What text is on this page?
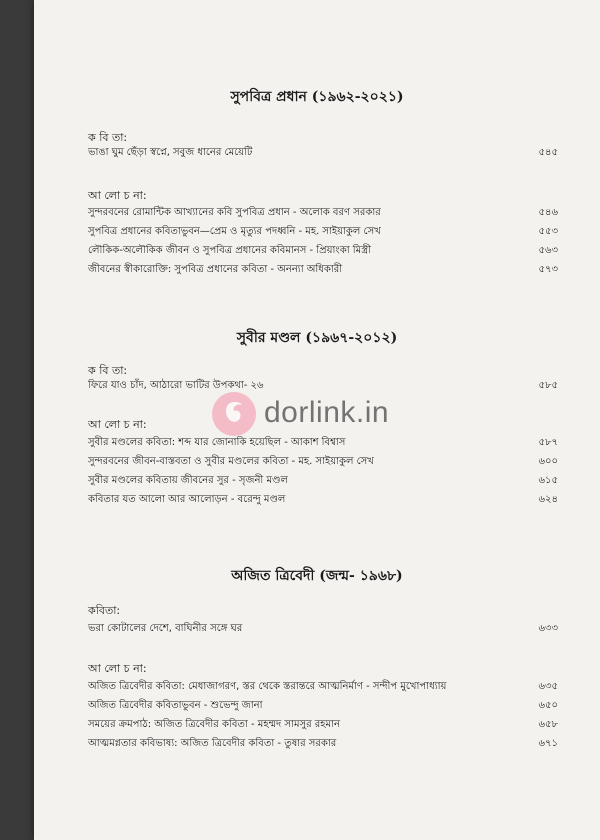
সুপবিত্র প্রধান (১৯৬২-২০২১)
ক বি তা:
ভাঙা ঘুম ছেঁড়া স্বপ্নে, সবুজ ধানের মেয়েটি	৫৪৫
আ লো চ না:
সুন্দরবনের রোমান্টিক আখ্যানের কবি সুপবিত্র প্রধান - অলোক বরণ সরকার	৫৪৬
সুপবিত্র প্রধানের কবিতাভুবন—প্রেম ও মৃত্যুর পদধ্বনি - মহ. সাইয়াকুল সেখ	৫৫৩
লৌকিক-অলৌকিক জীবন ও সুপবিত্র প্রধানের কবিমানস - প্রিয়াংকা মিস্ত্রী	৫৬৩
জীবনের স্বীকারোক্তি: সুপবিত্র প্রধানের কবিতা - অনন্যা অধিকারী	৫৭৩
সুবীর মণ্ডল (১৯৬৭-২০১২)
ক বি তা:
ফিরে যাও চাঁদ, আঠারো ভাটির উপকথা- ২৬	৫৮৫
আ লো চ না:
সুবীর মণ্ডলের কবিতা: শব্দ যার জোনাকি হয়েছিল - আকাশ বিশ্বাস	৫৮৭
সুন্দরবনের জীবন-বাস্তবতা ও সুবীর মণ্ডলের কবিতা - মহ. সাইয়াকুল সেখ	৬০০
সুবীর মণ্ডলের কবিতায় জীবনের সুর - সৃজনী মণ্ডল	৬১৫
কবিতার যত আলো আর আলোড়ন - বরেন্দু মণ্ডল	৬২৪
অজিত ত্রিবেদী (জন্ম- ১৯৬৮)
কবিতা:
ভরা কোটালের দেশে, বাঘিনীর সঙ্গে ঘর	৬৩৩
আ লো চ না:
অজিত ত্রিবেদীর কবিতা: মেধাজাগরণ, স্তর থেকে স্তরান্তরে আত্মনির্মাণ - সন্দীপ মুখোপাধ্যায়	৬৩৫
অজিত ত্রিবেদীর কবিতাভুবন - শুভেন্দু জানা	৬৫০
সময়ের ক্রমপাঠ: অজিত ত্রিবেদীর কবিতা - মহম্মদ সামসুর রহমান	৬৫৮
আত্মমগ্নতার কবিভাষ্য: অজিত ত্রিবেদীর কবিতা - তুষার সরকার	৬৭১
dorlink.in
